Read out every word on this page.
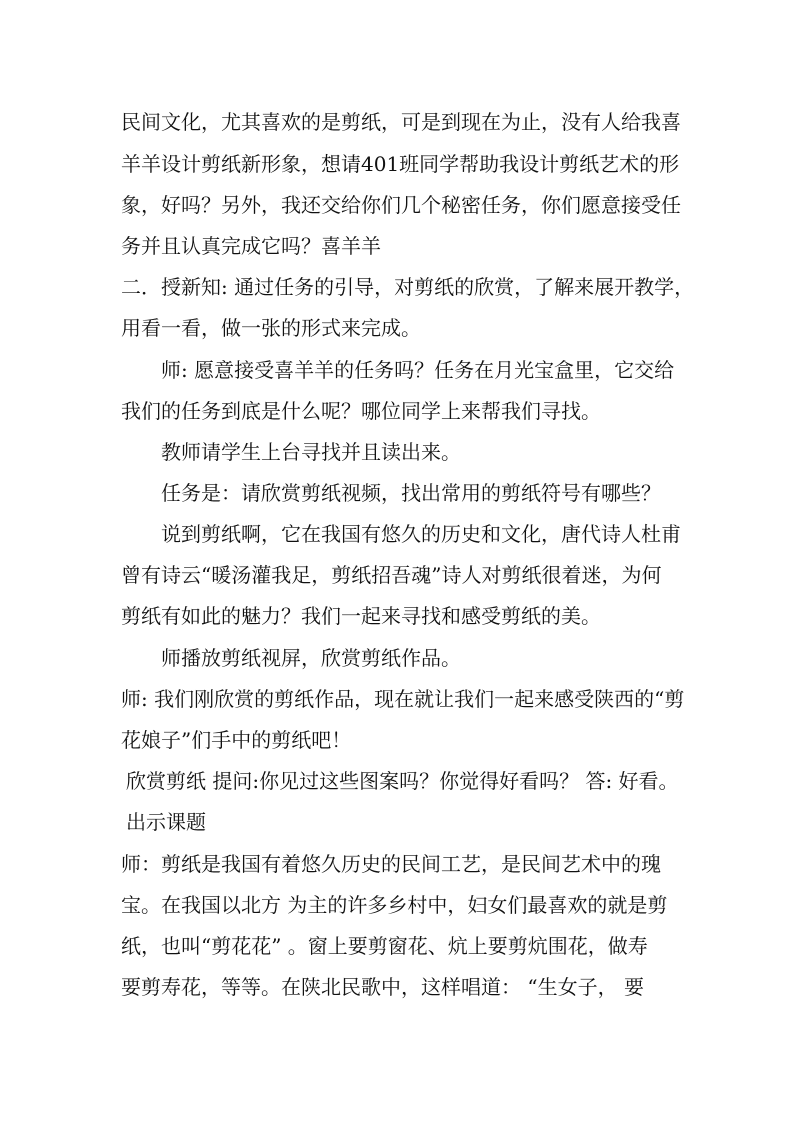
民间文化，尤其喜欢的是剪纸，可是到现在为止，没有人给我喜
羊羊设计剪纸新形象，想请401班同学帮助我设计剪纸艺术的形
象，好吗？另外，我还交给你们几个秘密任务，你们愿意接受任
务并且认真完成它吗？喜羊羊
二．授新知: 通过任务的引导，对剪纸的欣赏，了解来展开教学，
用看一看，做一张的形式来完成。
师: 愿意接受喜羊羊的任务吗？任务在月光宝盒里，它交给
我们的任务到底是什么呢？哪位同学上来帮我们寻找。
教师请学生上台寻找并且读出来。
任务是：请欣赏剪纸视频，找出常用的剪纸符号有哪些？
说到剪纸啊，它在我国有悠久的历史和文化，唐代诗人杜甫
曾有诗云“暖汤灌我足，剪纸招吾魂”诗人对剪纸很着迷，为何
剪纸有如此的魅力？我们一起来寻找和感受剪纸的美。
师播放剪纸视屏，欣赏剪纸作品。
师: 我们刚欣赏的剪纸作品，现在就让我们一起来感受陕西的“剪
花娘子”们手中的剪纸吧！
欣赏剪纸 提问:你见过这些图案吗？你觉得好看吗？ 答: 好看。
出示课题
师：剪纸是我国有着悠久历史的民间工艺，是民间艺术中的瑰
宝。在我国以北方 为主的许多乡村中，妇女们最喜欢的就是剪
纸，也叫“剪花花” 。窗上要剪窗花、炕上要剪炕围花，做寿
要剪寿花，等等。在陕北民歌中，这样唱道： “生女子， 要
